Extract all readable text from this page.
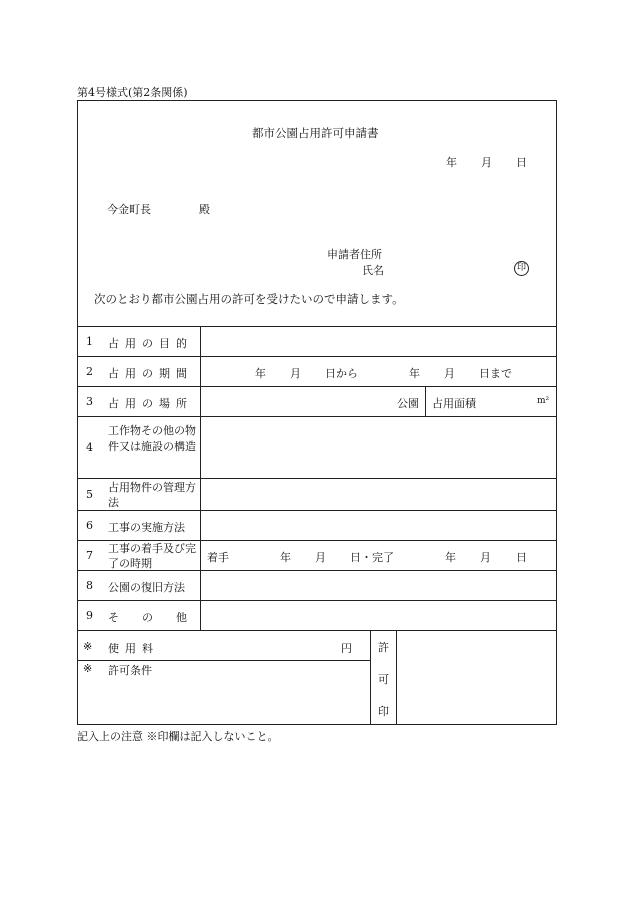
第4号様式(第2条関係)
都市公園占用許可申請書
年 月 日
今金町長	殿
申請者住所
氏名	印
次のとおり都市公園占用の許可を受けたいので申請します。
1 占用の目的
2 占用の期間	年 月 日から	年 月 日まで
3 占用の場所	公園 占用面積	m²
4
工作物その他の物件又は施設の構造
5
占用物件の管理方法
6 工事の実施方法
7
工事の着手及び完了の時期	着手	年 月 日・完了	年 月 日
8 公園の復旧方法
9 その他
※ 使用料	円
※ 許可条件
許
可
印
記入上の注意 ※印欄は記入しないこと。
